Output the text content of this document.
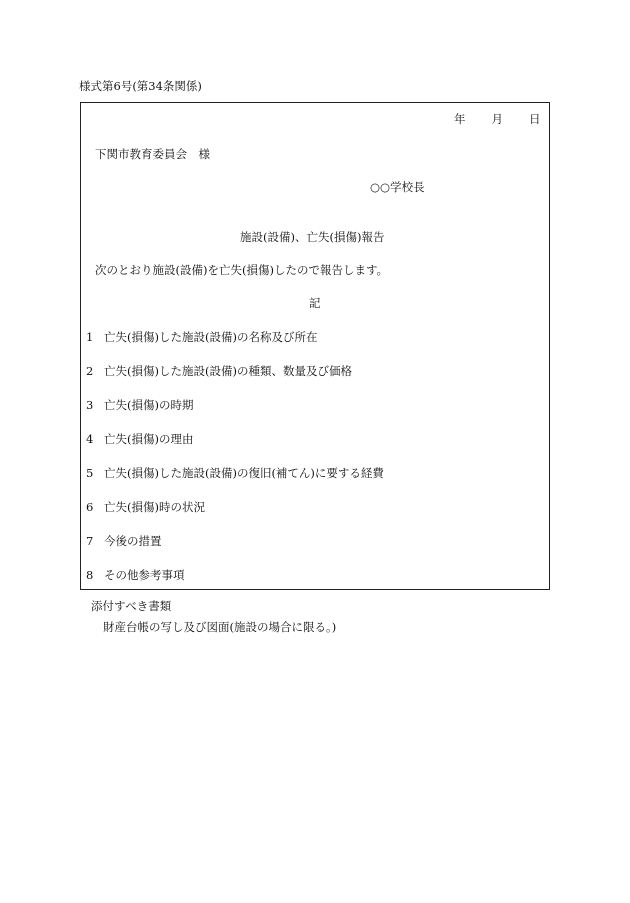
様式第6号(第34条関係)
年 月 日
下関市教育委員会　様
○○学校長
施設(設備)、亡失(損傷)報告
次のとおり施設(設備)を亡失(損傷)したので報告します。
記
1 亡失(損傷)した施設(設備)の名称及び所在
2 亡失(損傷)した施設(設備)の種類、数量及び価格
3 亡失(損傷)の時期
4 亡失(損傷)の理由
5 亡失(損傷)した施設(設備)の復旧(補てん)に要する経費
6 亡失(損傷)時の状況
7 今後の措置
8 その他参考事項
添付すべき書類
財産台帳の写し及び図面(施設の場合に限る。)
